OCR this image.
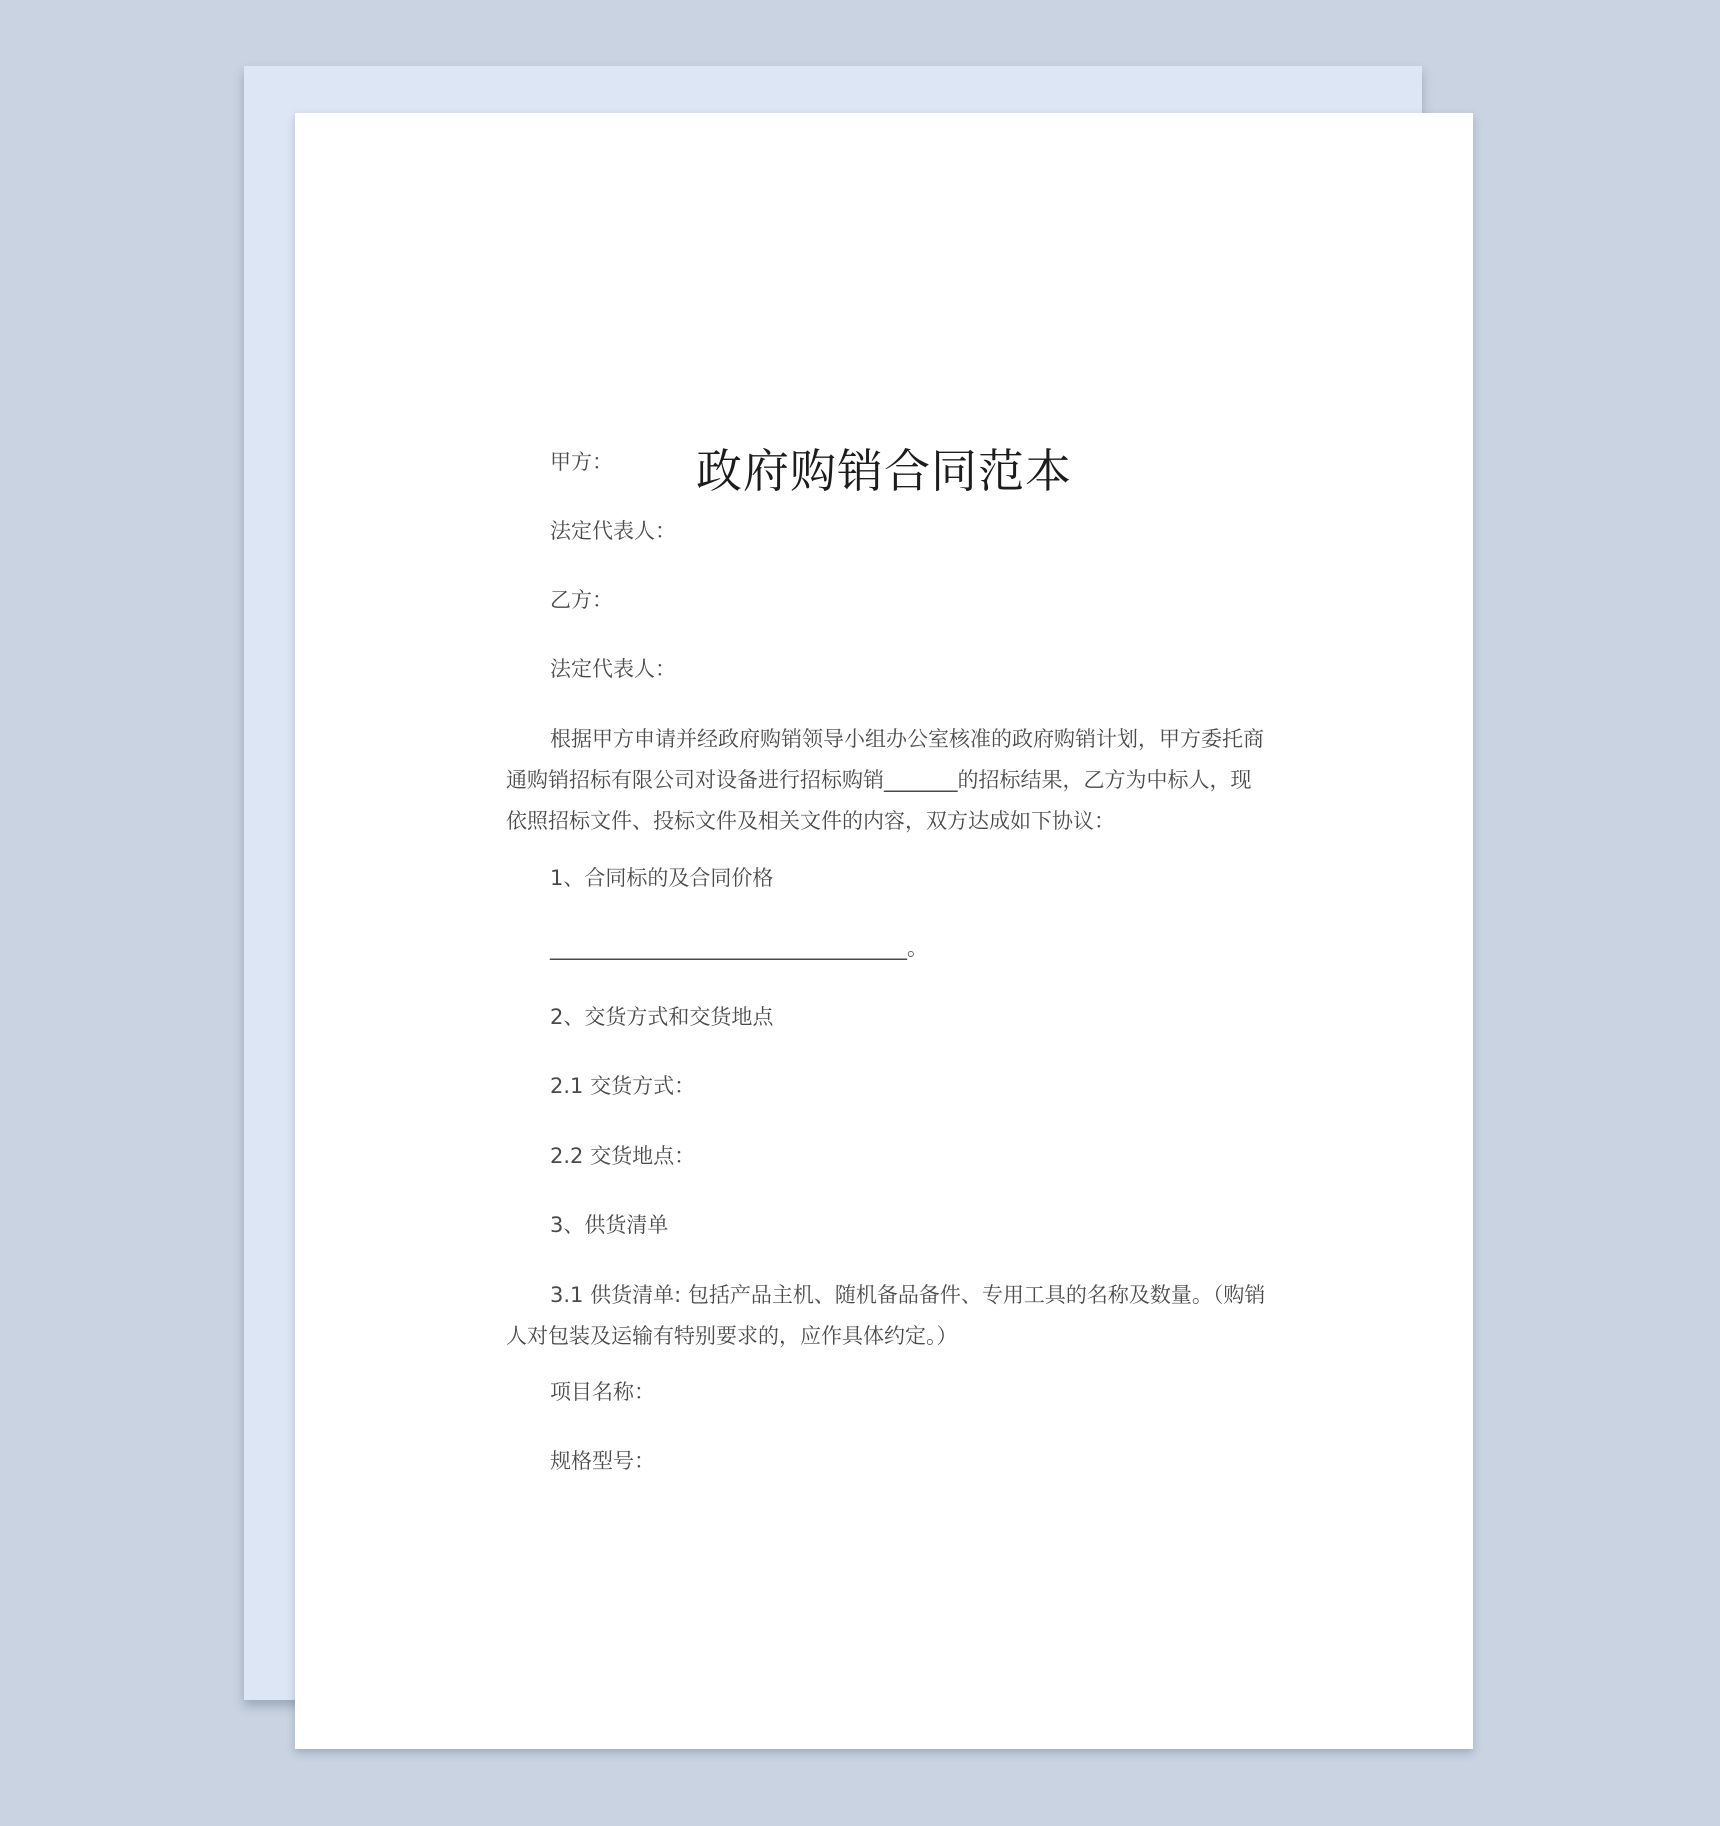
政府购销合同范本

甲方：

法定代表人：

乙方：

法定代表人：

根据甲方申请并经政府购销领导小组办公室核准的政府购销计划，甲方委托商通购销招标有限公司对设备进行招标购销_______的招标结果，乙方为中标人，现依照招标文件、投标文件及相关文件的内容，双方达成如下协议：

1、合同标的及合同价格

__________________________________。

2、交货方式和交货地点

2.1 交货方式：

2.2 交货地点：

3、供货清单

3.1 供货清单: 包括产品主机、随机备品备件、专用工具的名称及数量。（购销人对包装及运输有特别要求的，应作具体约定。）

项目名称：

规格型号：
